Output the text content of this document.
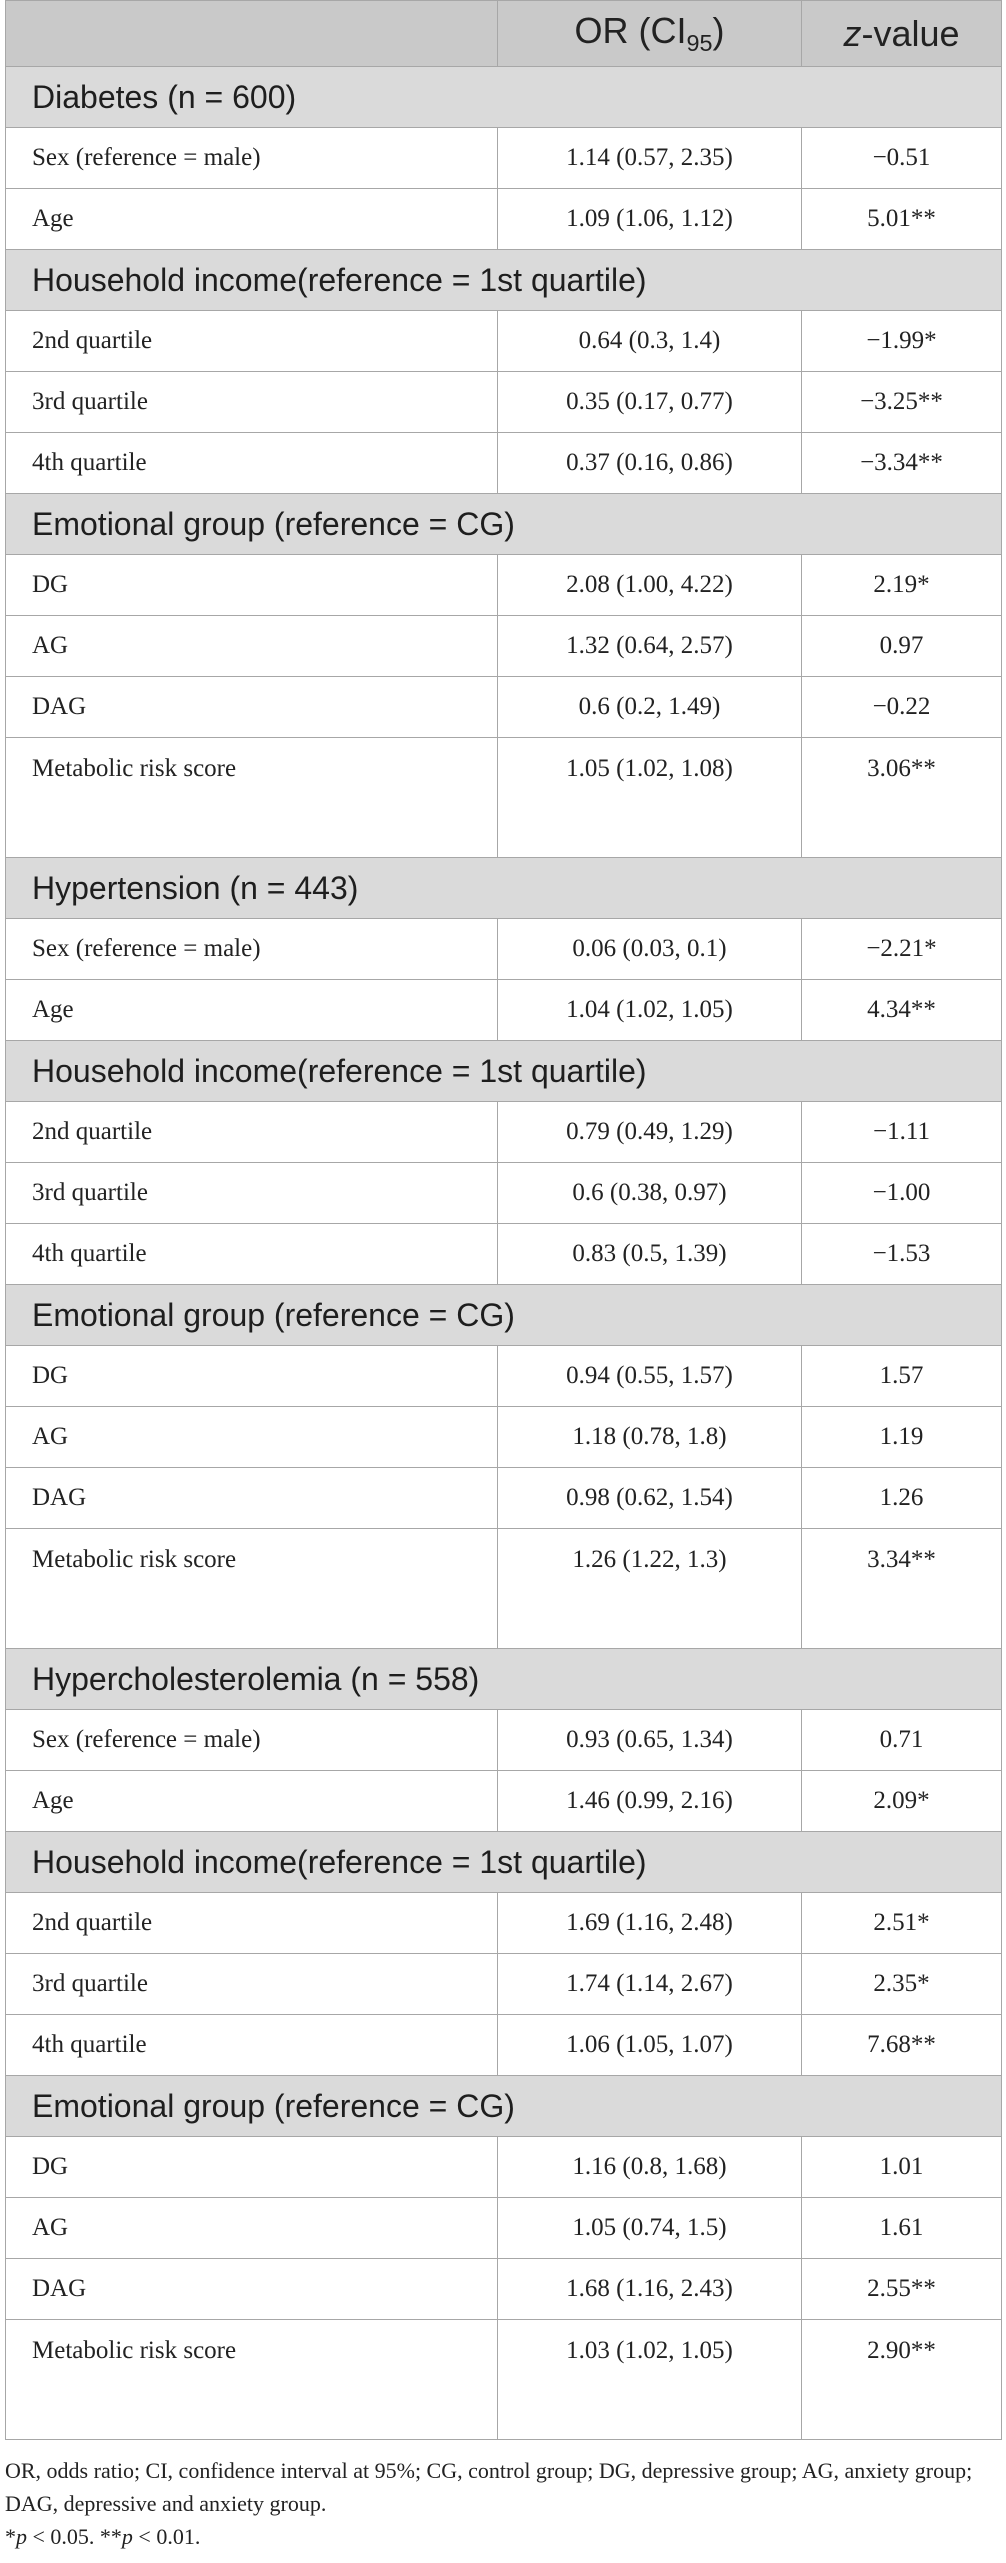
	OR $(CI_{95})$	z-value
Diabetes (n = 600)		
Sex (reference = male)	1.14 (0.57, 2.35)	−0.51
Age	1.09 (1.06, 1.12)	5.01**
Household income(reference = 1st quartile)		
2nd quartile	0.64 (0.3, 1.4)	−1.99*
3rd quartile	0.35 (0.17, 0.77)	−3.25**
4th quartile	0.37 (0.16, 0.86)	−3.34**
Emotional group (reference = CG)		
DG	2.08 (1.00, 4.22)	2.19*
AG	1.32 (0.64, 2.57)	0.97
DAG	0.6 (0.2, 1.49)	−0.22
Metabolic risk score	1.05 (1.02, 1.08)	3.06**
Hypertension (n = 443)		
Sex (reference = male)	0.06 (0.03, 0.1)	−2.21*
Age	1.04 (1.02, 1.05)	4.34**
Household income(reference = 1st quartile)		
2nd quartile	0.79 (0.49, 1.29)	−1.11
3rd quartile	0.6 (0.38, 0.97)	−1.00
4th quartile	0.83 (0.5, 1.39)	−1.53
Emotional group (reference = CG)		
DG	0.94 (0.55, 1.57)	1.57
AG	1.18 (0.78, 1.8)	1.19
DAG	0.98 (0.62, 1.54)	1.26
Metabolic risk score	1.26 (1.22, 1.3)	3.34**
Hypercholesterolemia (n = 558)		
Sex (reference = male)	0.93 (0.65, 1.34)	0.71
Age	1.46 (0.99, 2.16)	2.09*
Household income(reference = 1st quartile)		
2nd quartile	1.69 (1.16, 2.48)	2.51*
3rd quartile	1.74 (1.14, 2.67)	2.35*
4th quartile	1.06 (1.05, 1.07)	7.68**
Emotional group (reference = CG)		
DG	1.16 (0.8, 1.68)	1.01
AG	1.05 (0.74, 1.5)	1.61
DAG	1.68 (1.16, 2.43)	2.55**
Metabolic risk score	1.03 (1.02, 1.05)	2.90**
OR, odds ratio; CI, confidence interval at 95%; CG, control group; DG, depressive group; AG, anxiety group; DAG, depressive and anxiety group.
*p < 0.05. **p < 0.01.
